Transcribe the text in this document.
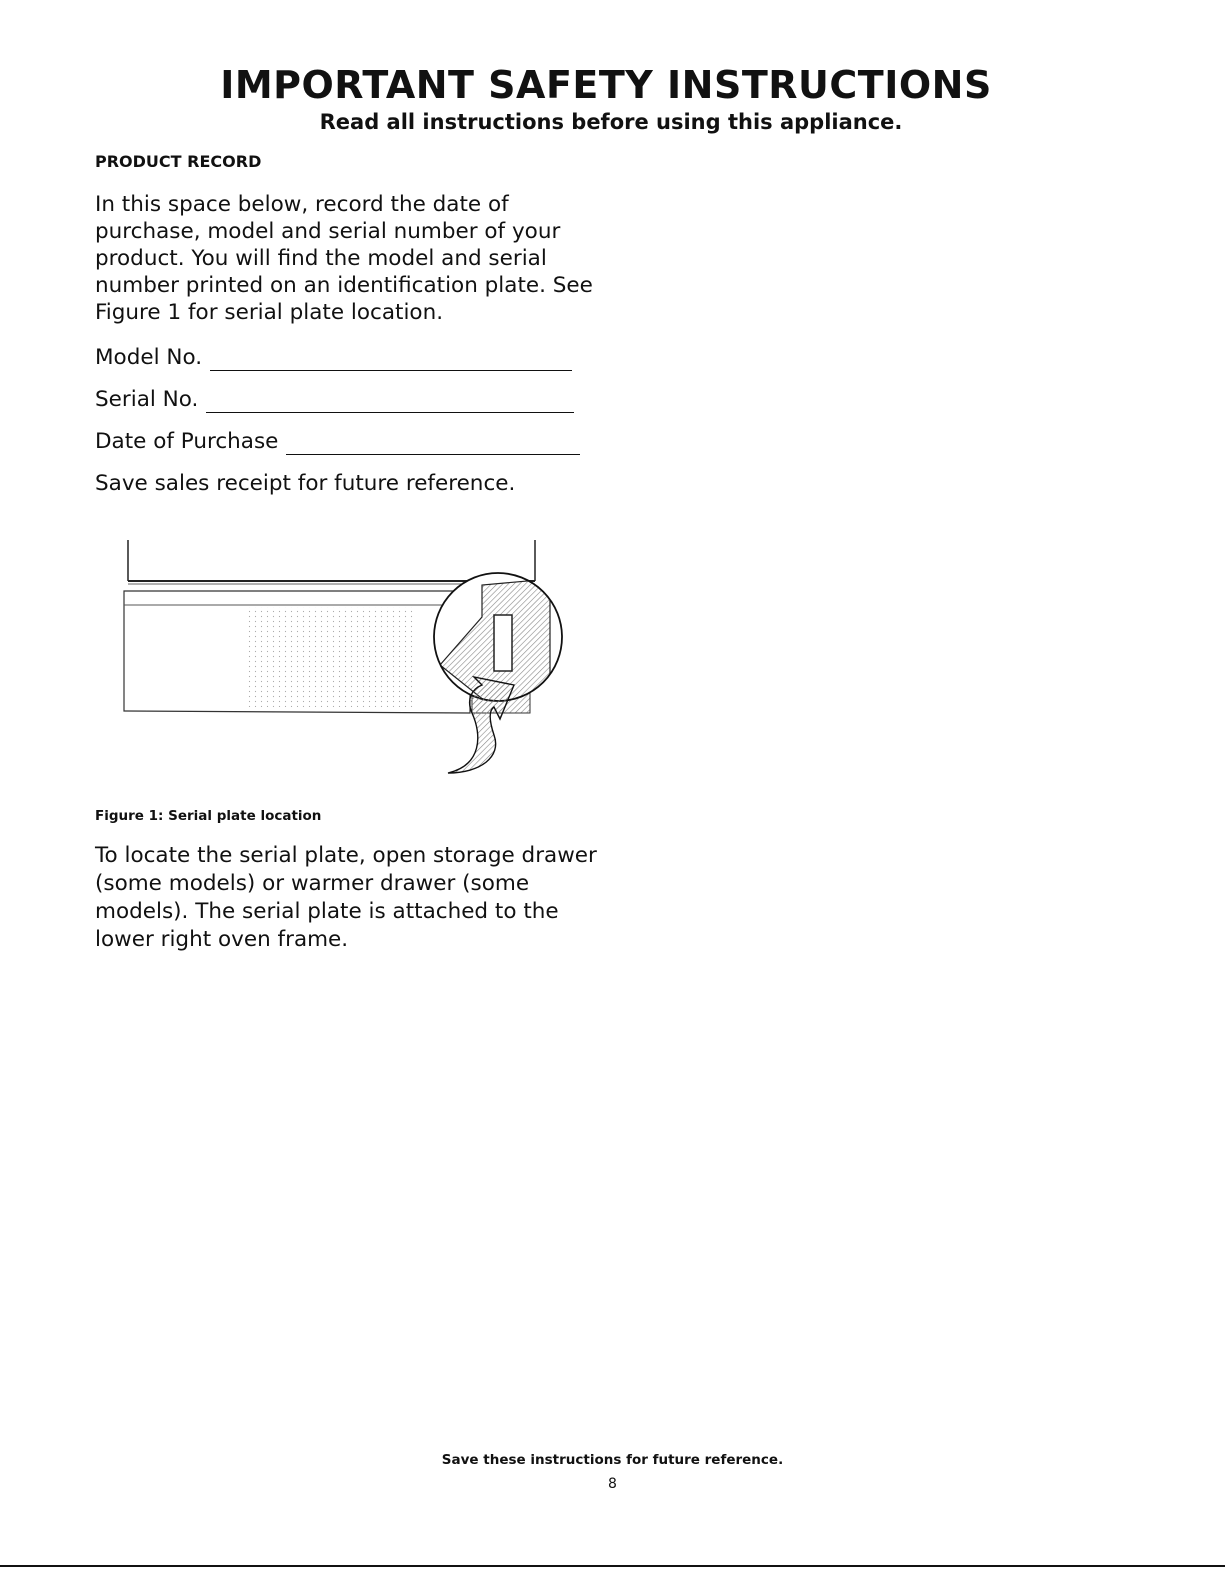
IMPORTANT SAFETY INSTRUCTIONS
Read all instructions before using this appliance.
PRODUCT RECORD

In this space below, record the date of purchase, model and serial number of your product. You will find the model and serial number printed on an identification plate. See Figure 1 for serial plate location.

Model No.
Serial No.
Date of Purchase
Save sales receipt for future reference.
Figure 1: Serial plate location

To locate the serial plate, open storage drawer (some models) or warmer drawer (some models). The serial plate is attached to the lower right oven frame.

Save these instructions for future reference.
8
